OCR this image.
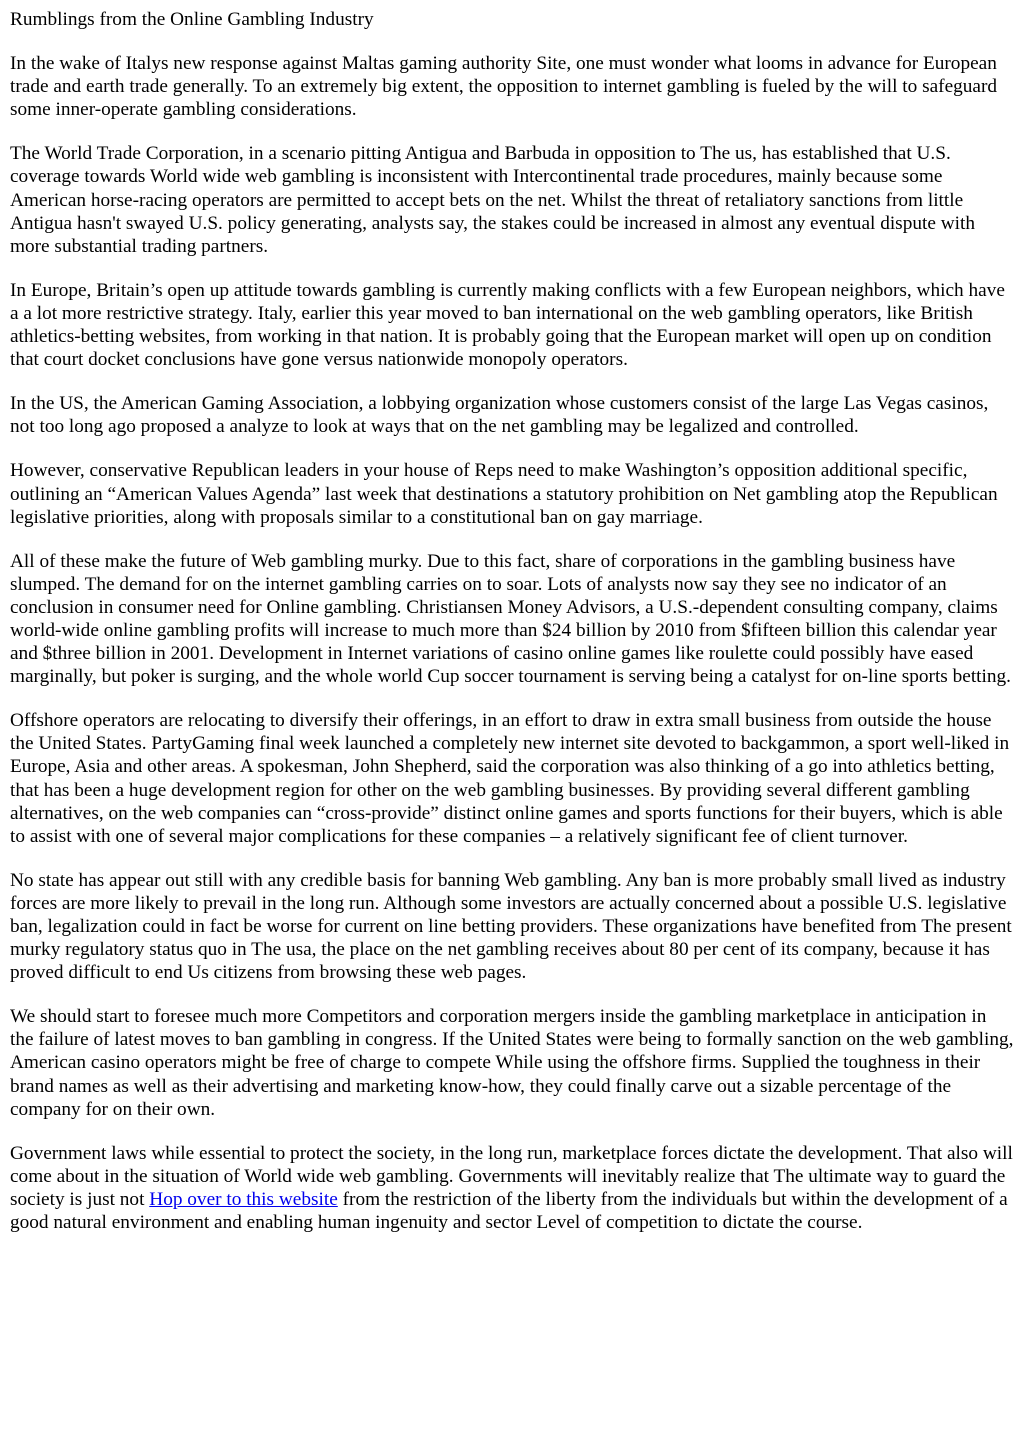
Rumblings from the Online Gambling Industry

In the wake of Italys new response against Maltas gaming authority Site, one must wonder what looms in advance for European trade and earth trade generally. To an extremely big extent, the opposition to internet gambling is fueled by the will to safeguard some inner-operate gambling considerations.

The World Trade Corporation, in a scenario pitting Antigua and Barbuda in opposition to The us, has established that U.S. coverage towards World wide web gambling is inconsistent with Intercontinental trade procedures, mainly because some American horse-racing operators are permitted to accept bets on the net. Whilst the threat of retaliatory sanctions from little Antigua hasn't swayed U.S. policy generating, analysts say, the stakes could be increased in almost any eventual dispute with more substantial trading partners.

In Europe, Britain’s open up attitude towards gambling is currently making conflicts with a few European neighbors, which have a a lot more restrictive strategy. Italy, earlier this year moved to ban international on the web gambling operators, like British athletics-betting websites, from working in that nation. It is probably going that the European market will open up on condition that court docket conclusions have gone versus nationwide monopoly operators.

In the US, the American Gaming Association, a lobbying organization whose customers consist of the large Las Vegas casinos, not too long ago proposed a analyze to look at ways that on the net gambling may be legalized and controlled.

However, conservative Republican leaders in your house of Reps need to make Washington’s opposition additional specific, outlining an “American Values Agenda” last week that destinations a statutory prohibition on Net gambling atop the Republican legislative priorities, along with proposals similar to a constitutional ban on gay marriage.

All of these make the future of Web gambling murky. Due to this fact, share of corporations in the gambling business have slumped. The demand for on the internet gambling carries on to soar. Lots of analysts now say they see no indicator of an conclusion in consumer need for Online gambling. Christiansen Money Advisors, a U.S.-dependent consulting company, claims world-wide online gambling profits will increase to much more than $24 billion by 2010 from $fifteen billion this calendar year and $three billion in 2001. Development in Internet variations of casino online games like roulette could possibly have eased marginally, but poker is surging, and the whole world Cup soccer tournament is serving being a catalyst for on-line sports betting.

Offshore operators are relocating to diversify their offerings, in an effort to draw in extra small business from outside the house the United States. PartyGaming final week launched a completely new internet site devoted to backgammon, a sport well-liked in Europe, Asia and other areas. A spokesman, John Shepherd, said the corporation was also thinking of a go into athletics betting, that has been a huge development region for other on the web gambling businesses. By providing several different gambling alternatives, on the web companies can “cross-provide” distinct online games and sports functions for their buyers, which is able to assist with one of several major complications for these companies – a relatively significant fee of client turnover.

No state has appear out still with any credible basis for banning Web gambling. Any ban is more probably small lived as industry forces are more likely to prevail in the long run. Although some investors are actually concerned about a possible U.S. legislative ban, legalization could in fact be worse for current on line betting providers. These organizations have benefited from The present murky regulatory status quo in The usa, the place on the net gambling receives about 80 per cent of its company, because it has proved difficult to end Us citizens from browsing these web pages.

We should start to foresee much more Competitors and corporation mergers inside the gambling marketplace in anticipation in the failure of latest moves to ban gambling in congress. If the United States were being to formally sanction on the web gambling, American casino operators might be free of charge to compete While using the offshore firms. Supplied the toughness in their brand names as well as their advertising and marketing know-how, they could finally carve out a sizable percentage of the company for on their own.

Government laws while essential to protect the society, in the long run, marketplace forces dictate the development. That also will come about in the situation of World wide web gambling. Governments will inevitably realize that The ultimate way to guard the society is just not Hop over to this website from the restriction of the liberty from the individuals but within the development of a good natural environment and enabling human ingenuity and sector Level of competition to dictate the course.
